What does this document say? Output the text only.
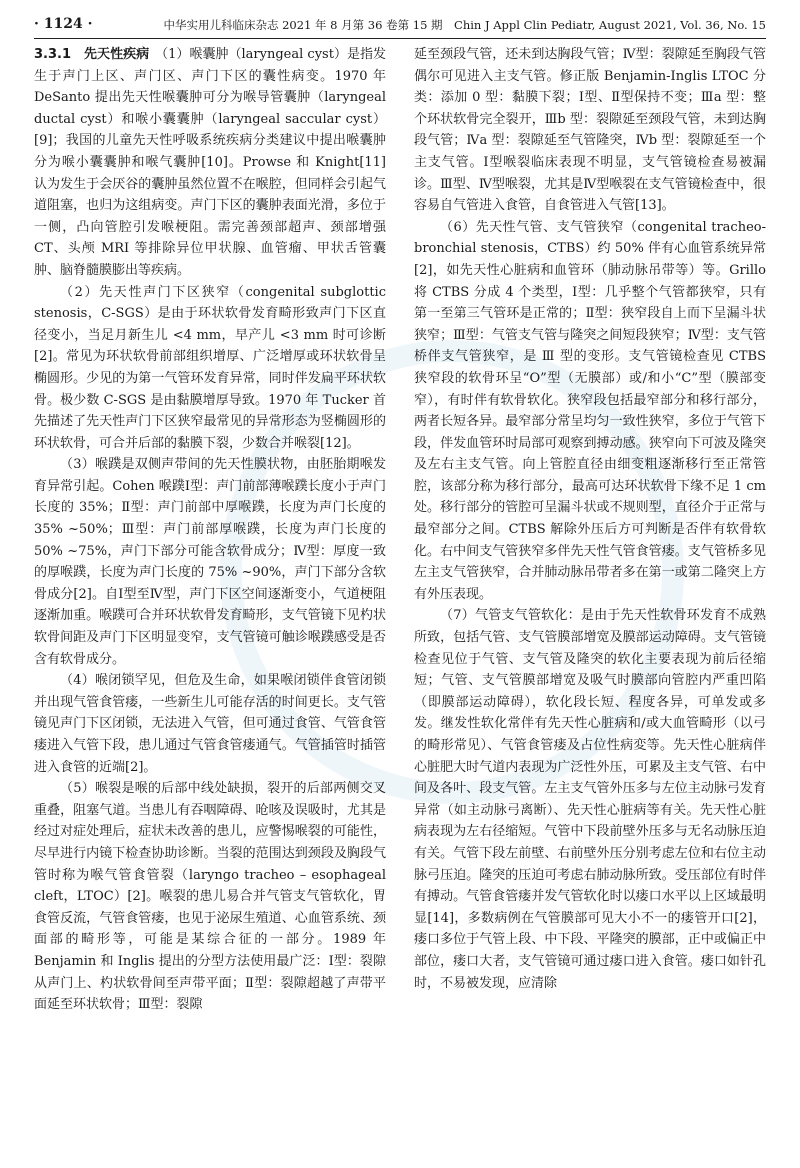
· 1124 ·	中华实用儿科临床杂志 2021 年 8 月第 36 卷第 15 期　Chin J Appl Clin Pediatr, August 2021, Vol. 36, No. 15

3.3.1　先天性疾病 （1）喉囊肿（laryngeal cyst）是指发生于声门上区、声门区、声门下区的囊性病变。1970 年 DeSanto 提出先天性喉囊肿可分为喉导管囊肿（laryngeal ductal cyst）和喉小囊囊肿（laryngeal saccular cyst）[9]；我国的儿童先天性呼吸系统疾病分类建议中提出喉囊肿分为喉小囊囊肿和喉气囊肿[10]。Prowse 和 Knight[11] 认为发生于会厌谷的囊肿虽然位置不在喉腔，但同样会引起气道阻塞，也归为这组病变。声门下区的囊肿表面光滑，多位于一侧，凸向管腔引发喉梗阻。需完善颈部超声、颈部增强 CT、头颅 MRI 等排除异位甲状腺、血管瘤、甲状舌管囊肿、脑脊髓膜膨出等疾病。

（2）先天性声门下区狭窄（congenital subglottic stenosis，C-SGS）是由于环状软骨发育畸形致声门下区直径变小，当足月新生儿 <4 mm，早产儿 <3 mm 时可诊断[2]。常见为环状软骨前部组织增厚、广泛增厚或环状软骨呈椭圆形。少见的为第一气管环发育异常，同时伴发扁平环状软骨。极少数 C-SGS 是由黏膜增厚导致。1970 年 Tucker 首先描述了先天性声门下区狭窄最常见的异常形态为竖椭圆形的环状软骨，可合并后部的黏膜下裂，少数合并喉裂[12]。

（3）喉蹼是双侧声带间的先天性膜状物，由胚胎期喉发育异常引起。Cohen 喉蹼Ⅰ型：声门前部薄喉蹼长度小于声门长度的 35%；Ⅱ型：声门前部中厚喉蹼，长度为声门长度的 35% ~50%；Ⅲ型：声门前部厚喉蹼，长度为声门长度的 50% ~75%，声门下部分可能含软骨成分；Ⅳ型：厚度一致的厚喉蹼，长度为声门长度的 75% ~90%，声门下部分含软骨成分[2]。自Ⅰ型至Ⅳ型，声门下区空间逐渐变小，气道梗阻逐渐加重。喉蹼可合并环状软骨发育畸形，支气管镜下见杓状软骨间距及声门下区明显变窄，支气管镜可触诊喉蹼感受是否含有软骨成分。

（4）喉闭锁罕见，但危及生命，如果喉闭锁伴食管闭锁并出现气管食管瘘，一些新生儿可能存活的时间更长。支气管镜见声门下区闭锁，无法进入气管，但可通过食管、气管食管瘘进入气管下段，患儿通过气管食管瘘通气。气管插管时插管进入食管的近端[2]。

（5）喉裂是喉的后部中线处缺损，裂开的后部两侧交叉重叠，阻塞气道。当患儿有吞咽障碍、呛咳及误吸时，尤其是经过对症处理后，症状未改善的患儿，应警惕喉裂的可能性，尽早进行内镜下检查协助诊断。当裂的范围达到颈段及胸段气管时称为喉气管食管裂（laryngo tracheo – esophageal cleft，LTOC）[2]。喉裂的患儿易合并气管支气管软化，胃食管反流，气管食管瘘，也见于泌尿生殖道、心血管系统、颈面部的畸形等，可能是某综合征的一部分。1989 年 Benjamin 和 Inglis 提出的分型方法使用最广泛：Ⅰ型：裂隙从声门上、杓状软骨间至声带平面；Ⅱ型：裂隙超越了声带平面延至环状软骨；Ⅲ型：裂隙

延至颈段气管，还未到达胸段气管；Ⅳ型：裂隙延至胸段气管偶尔可见进入主支气管。修正版 Benjamin-Inglis LTOC 分类：添加 0 型：黏膜下裂；Ⅰ型、Ⅱ型保持不变；Ⅲa 型：整个环状软骨完全裂开，Ⅲb 型：裂隙延至颈段气管，未到达胸段气管；Ⅳa 型：裂隙延至气管隆突，Ⅳb 型：裂隙延至一个主支气管。Ⅰ型喉裂临床表现不明显，支气管镜检查易被漏诊。Ⅲ型、Ⅳ型喉裂，尤其是Ⅳ型喉裂在支气管镜检查中，很容易自气管进入食管，自食管进入气管[13]。

（6）先天性气管、支气管狭窄（congenital tracheo-bronchial stenosis，CTBS）约 50% 伴有心血管系统异常[2]，如先天性心脏病和血管环（肺动脉吊带等）等。Grillo 将 CTBS 分成 4 个类型，Ⅰ型：几乎整个气管都狭窄，只有第一至第三气管环是正常的；Ⅱ型：狭窄段自上而下呈漏斗状狭窄；Ⅲ型：气管支气管与隆突之间短段狭窄；Ⅳ型：支气管桥伴支气管狭窄，是 Ⅲ 型的变形。支气管镜检查见 CTBS 狭窄段的软骨环呈“O”型（无膜部）或/和小“C”型（膜部变窄），有时伴有软骨软化。狭窄段包括最窄部分和移行部分，两者长短各异。最窄部分常呈均匀一致性狭窄，多位于气管下段，伴发血管环时局部可观察到搏动感。狭窄向下可波及隆突及左右主支气管。向上管腔直径由细变粗逐渐移行至正常管腔，该部分称为移行部分，最高可达环状软骨下缘不足 1 cm 处。移行部分的管腔可呈漏斗状或不规则型，直径介于正常与最窄部分之间。CTBS 解除外压后方可判断是否伴有软骨软化。右中间支气管狭窄多伴先天性气管食管瘘。支气管桥多见左主支气管狭窄，合并肺动脉吊带者多在第一或第二隆突上方有外压表现。

（7）气管支气管软化：是由于先天性软骨环发育不成熟所致，包括气管、支气管膜部增宽及膜部运动障碍。支气管镜检查见位于气管、支气管及隆突的软化主要表现为前后径缩短；气管、支气管膜部增宽及吸气时膜部向管腔内严重凹陷（即膜部运动障碍），软化段长短、程度各异，可单发或多发。继发性软化常伴有先天性心脏病和/或大血管畸形（以弓的畸形常见）、气管食管瘘及占位性病変等。先天性心脏病伴心脏肥大时气道内表现为广泛性外压，可累及主支气管、右中间及各叶、段支气管。左主支气管外压多与左位主动脉弓发育异常（如主动脉弓离断）、先天性心脏病等有关。先天性心脏病表现为左右径缩短。气管中下段前壁外压多与无名动脉压迫有关。气管下段左前壁、右前壁外压分别考虑左位和右位主动脉弓压迫。隆突的压迫可考虑右肺动脉所致。受压部位有时伴有搏动。气管食管瘘并发气管软化时以瘘口水平以上区域最明显[14]，多数病例在气管膜部可见大小不一的瘘管开口[2]，瘘口多位于气管上段、中下段、平隆突的膜部，正中或偏正中部位，瘘口大者，支气管镜可通过瘘口进入食管。瘘口如针孔时，不易被发现，应清除
